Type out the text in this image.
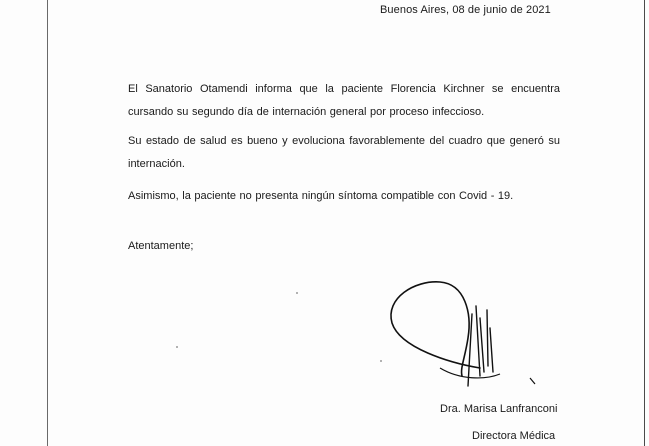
Buenos Aires, 08 de junio de 2021

El Sanatorio Otamendi informa que la paciente Florencia Kirchner se encuentra cursando su segundo día de internación general por proceso infeccioso.

Su estado de salud es bueno y evoluciona favorablemente del cuadro que generó su internación.

Asimismo, la paciente no presenta ningún síntoma compatible con Covid - 19.

Atentamente;
Dra. Marisa Lanfranconi
Directora Médica
